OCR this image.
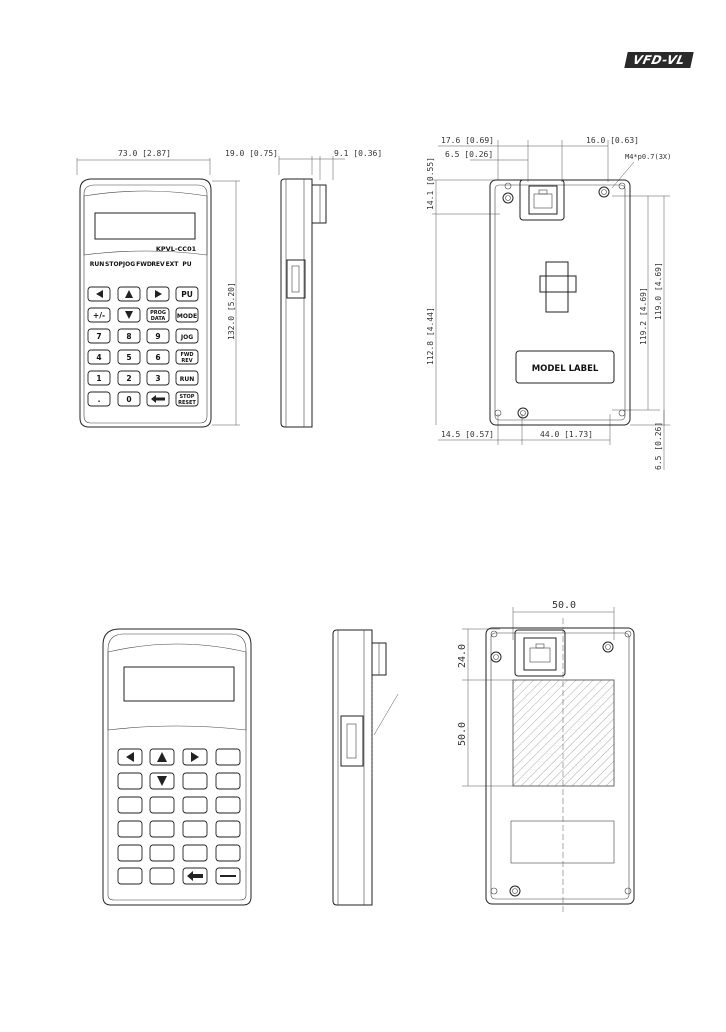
VFD-VL
73.0 [2.87]
132.0 [5.20]
KPVL-CC01
RUN STOP JOG FWD REV EXT PU
PU
+/-	PROG
DATA MODE
7	8	9	JOG
4	5	6	FWD
REV
1	2	3	RUN
.	0	STOP
RESET
19.0 [0.75]	9.1 [0.36]
17.6 [0.69]	16.0 [0.63]
6.5 [0.26]	M4*p0.7(3X)
14.1 [0.55]
112.8 [4.44]	119.2 [4.69] 119.0 [4.69]
6.5 [0.26]
14.5 [0.57]	44.0 [1.73]
MODEL LABEL
50.0
24.0
50.0
